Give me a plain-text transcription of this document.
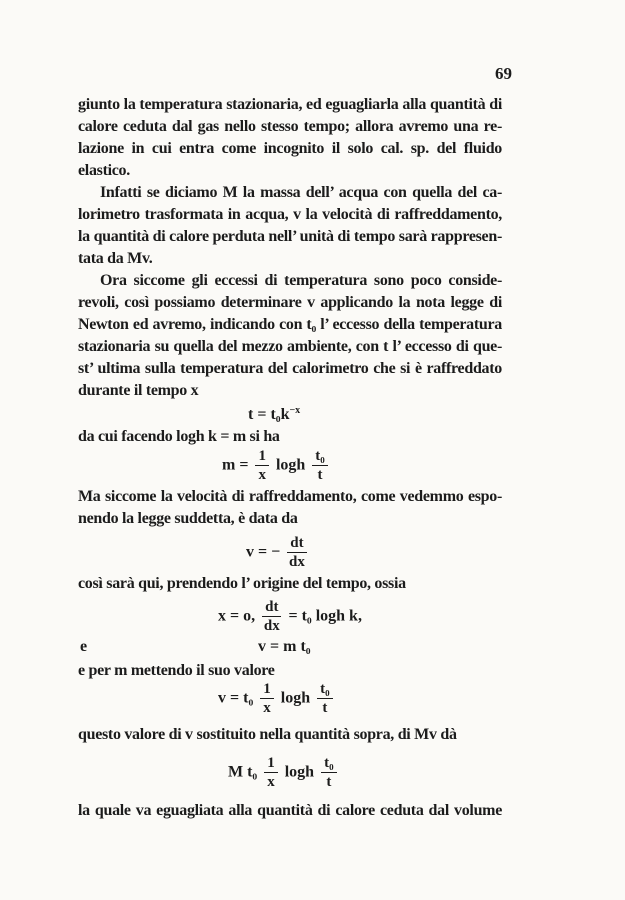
69
giunto la temperatura stazionaria, ed eguagliarla alla quantità di
calore ceduta dal gas nello stesso tempo; allora avremo una re-
lazione in cui entra come incognito il solo cal. sp. del fluido
elastico.
Infatti se diciamo M la massa dell’ acqua con quella del ca-
lorimetro trasformata in acqua, v la velocità di raffreddamento,
la quantità di calore perduta nell’ unità di tempo sarà rappresen-
tata da Mv.
Ora siccome gli eccessi di temperatura sono poco conside-
revoli, così possiamo determinare v applicando la nota legge di
Newton ed avremo, indicando con t₀ l’ eccesso della temperatura
stazionaria su quella del mezzo ambiente, con t l’ eccesso di que-
st’ ultima sulla temperatura del calorimetro che si è raffreddato
durante il tempo x
$t = t_0k^{-x}$
da cui facendo logh k = m si ha
$m = \frac{1}{x}$ logh $\frac{\text{t₀}}{t}$
Ma siccome la velocità di raffreddamento, come vedemmo espo-
nendo la legge suddetta, è data da
v = − $\frac{dt}{dx}$
così sarà qui, prendendo l’ origine del tempo, ossia
x = o, $\frac{dt}{dx} = t_0$ logh k,
e	v = m t₀
e per m mettendo il suo valore
$v = t_0 \frac{1}{x}$ logh $\frac{\text{t₀}}{t}$
questo valore di v sostituito nella quantità sopra, di Mv dà
M $t_0 \frac{1}{x}$ logh $\frac{\text{t₀}}{t}$
la quale va eguagliata alla quantità di calore ceduta dal volume
